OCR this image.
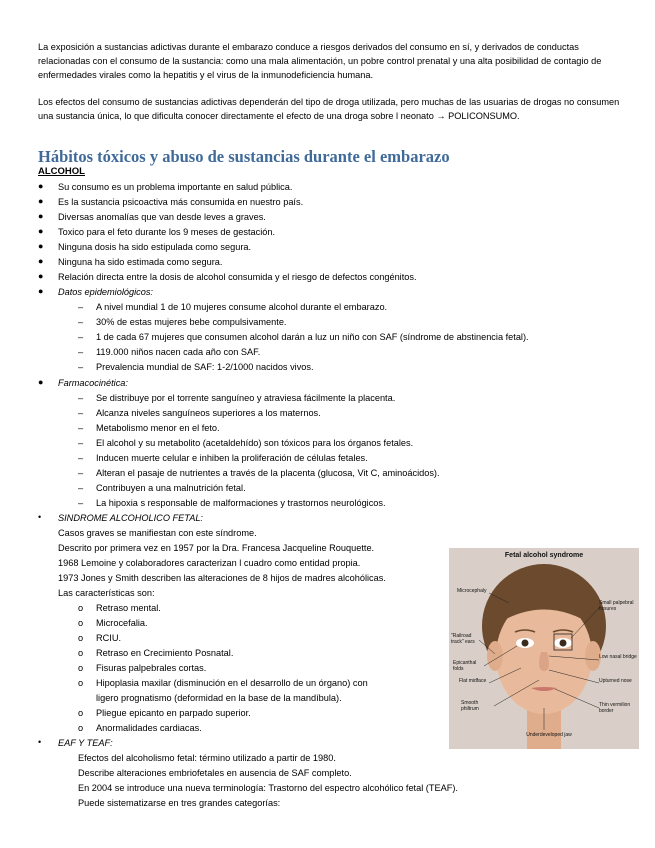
La exposición a sustancias adictivas durante el embarazo conduce a riesgos derivados del consumo en sí, y derivados de conductas relacionadas con el consumo de la sustancia: como una mala alimentación, un pobre control prenatal y una alta posibilidad de contagio de enfermedades virales como la hepatitis y el virus de la inmunodeficiencia humana.

Los efectos del consumo de sustancias adictivas dependerán del tipo de droga utilizada, pero muchas de las usuarias de drogas no consumen una sustancia única, lo que dificulta conocer directamente el efecto de una droga sobre l neonato → POLICONSUMO.

Hábitos tóxicos y abuso de sustancias durante el embarazo
ALCOHOL
● Su consumo es un problema importante en salud pública.
● Es la sustancia psicoactiva más consumida en nuestro país.
● Diversas anomalías que van desde leves a graves.
● Toxico para el feto durante los 9 meses de gestación.
● Ninguna dosis ha sido estipulada como segura.
● Ninguna ha sido estimada como segura.
● Relación directa entre la dosis de alcohol consumida y el riesgo de defectos congénitos.
● Datos epidemiológicos:
– A nivel mundial 1 de 10 mujeres consume alcohol durante el embarazo.
– 30% de estas mujeres bebe compulsivamente.
– 1 de cada 67 mujeres que consumen alcohol darán a luz un niño con SAF (síndrome de abstinencia fetal).
– 119.000 niños nacen cada año con SAF.
– Prevalencia mundial de SAF: 1-2/1000 nacidos vivos.
● Farmacocinética:
– Se distribuye por el torrente sanguíneo y atraviesa fácilmente la placenta.
– Alcanza niveles sanguíneos superiores a los maternos.
– Metabolismo menor en el feto.
– El alcohol y su metabolito (acetaldehído) son tóxicos para los órganos fetales.
– Inducen muerte celular e inhiben la proliferación de células fetales.
– Alteran el pasaje de nutrientes a través de la placenta (glucosa, Vit C, aminoácidos).
– Contribuyen a una malnutrición fetal.
– La hipoxia s responsable de malformaciones y trastornos neurológicos.
• SINDROME ALCOHOLICO FETAL:
Casos graves se manifiestan con este síndrome.
Descrito por primera vez en 1957 por la Dra. Francesa Jacqueline Rouquette.
1968 Lemoine y colaboradores caracterizan l cuadro como entidad propia.
1973 Jones y Smith describen las alteraciones de 8 hijos de madres alcohólicas.
Las características son:
o Retraso mental.
o Microcefalia.
o RCIU.
o Retraso en Crecimiento Posnatal.
o Fisuras palpebrales cortas.
o Hipoplasia maxilar (disminución en el desarrollo de un órgano) con
ligero prognatismo (deformidad en la base de la mandíbula).
o Pliegue epicanto en parpado superior.
o Anormalidades cardiacas.
• EAF Y TEAF:
Efectos del alcoholismo fetal: término utilizado a partir de 1980.
Describe alteraciones embriofetales en ausencia de SAF completo.
En 2004 se introduce una nueva terminología: Trastorno del espectro alcohólico fetal (TEAF).
Puede sistematizarse en tres grandes categorías:
Fetal alcohol syndrome
Microcephaly
Small palpebral fissures
"Railroad track" ears
Epicanthal folds
Low nasal bridge
Flat midface	Upturned nose
Smooth philtrum
Thin vermilion border
Underdeveloped jaw
